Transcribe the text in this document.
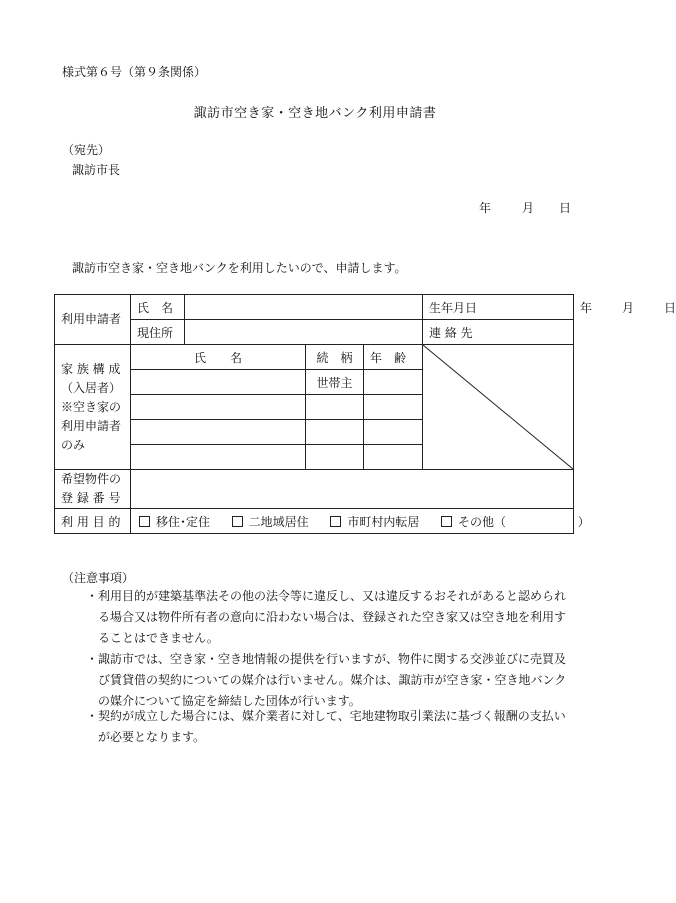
様式第６号（第９条関係）
諏訪市空き家・空き地バンク利用申請書
（宛先）
諏訪市長
年	月 日
諏訪市空き家・空き地バンクを利用したいので、申請します。
利用申請者	氏　名				生年月日	年 月 日
	現住所				連 絡 先	

家 族 構 成
（入居者）
※空き家の
利用申請者
のみ	氏　　名		続　柄	年　齢	

			世帯主			

希望物件の
登 録 番 号						

利 用 目 的	移住･定住 二地域居住 市町村内転居 その他（ ）					
（注意事項）
・ 利用目的が建築基準法その他の法令等に違反し、又は違反するおそれがあると認められる場合又は物件所有者の意向に沿わない場合は、登録された空き家又は空き地を利用することはできません。
・ 諏訪市では、空き家・空き地情報の提供を行いますが、物件に関する交渉並びに売買及び賃貸借の契約についての媒介は行いません。媒介は、諏訪市が空き家・空き地バンクの媒介について協定を締結した団体が行います。
・ 契約が成立した場合には、媒介業者に対して、宅地建物取引業法に基づく報酬の支払いが必要となります。
